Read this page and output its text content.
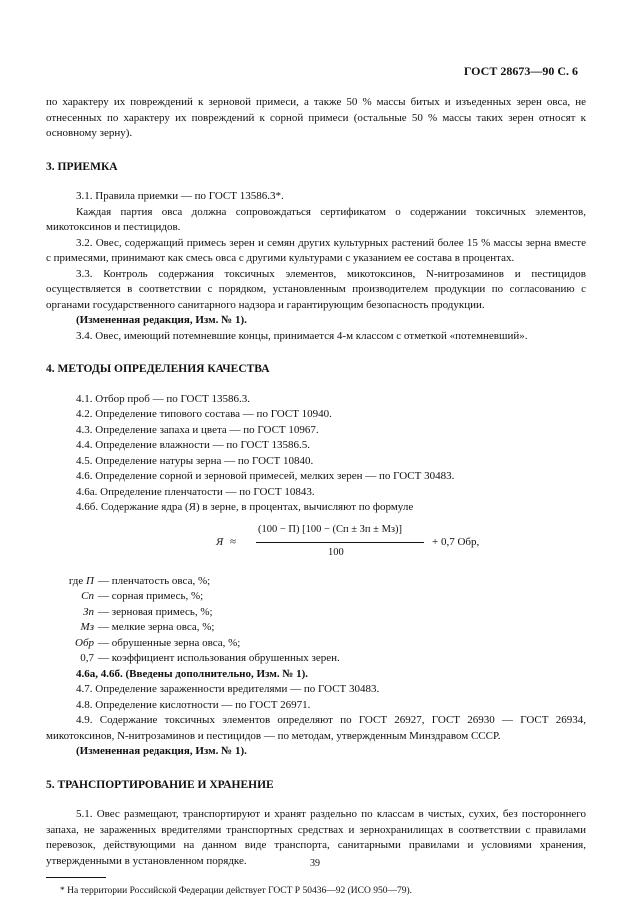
ГОСТ 28673—90 С. 6

по характеру их повреждений к зерновой примеси, а также 50 % массы битых и изъеденных зерен овса, не отнесенных по характеру их повреждений к сорной примеси (остальные 50 % массы таких зерен относят к основному зерну).

3. ПРИЕМКА

3.1. Правила приемки — по ГОСТ 13586.3*.

Каждая партия овса должна сопровождаться сертификатом о содержании токсичных элементов, микотоксинов и пестицидов.

3.2. Овес, содержащий примесь зерен и семян других культурных растений более 15 % массы зерна вместе с примесями, принимают как смесь овса с другими культурами с указанием ее состава в процентах.

3.3. Контроль содержания токсичных элементов, микотоксинов, N-нитрозаминов и пестицидов осуществляется в соответствии с порядком, установленным производителем продукции по согласованию с органами государственного санитарного надзора и гарантирующим безопасность продукции.

(Измененная редакция, Изм. № 1).

3.4. Овес, имеющий потемневшие концы, принимается 4-м классом с отметкой «потемневший».

4. МЕТОДЫ ОПРЕДЕЛЕНИЯ КАЧЕСТВА

4.1. Отбор проб — по ГОСТ 13586.3.

4.2. Определение типового состава — по ГОСТ 10940.

4.3. Определение запаха и цвета — по ГОСТ 10967.

4.4. Определение влажности — по ГОСТ 13586.5.

4.5. Определение натуры зерна — по ГОСТ 10840.

4.6. Определение сорной и зерновой примесей, мелких зерен — по ГОСТ 30483.

4.6а. Определение пленчатости — по ГОСТ 10843.

4.6б. Содержание ядра (Я) в зерне, в процентах, вычисляют по формуле

Я ≈
(100 − П) [100 − (Cп ± Зп ± Mз)]
100
+ 0,7 Обр,
где П — пленчатость овса, %;
Cп — сорная примесь, %;
Зп — зерновая примесь, %;
Mз — мелкие зерна овса, %;
Обр — обрушенные зерна овса, %;
0,7 — коэффициент использования обрушенных зерен.

4.6а, 4.6б. (Введены дополнительно, Изм. № 1).

4.7. Определение зараженности вредителями — по ГОСТ 30483.

4.8. Определение кислотности — по ГОСТ 26971.

4.9. Содержание токсичных элементов определяют по ГОСТ 26927, ГОСТ 26930 — ГОСТ 26934, микотоксинов, N-нитрозаминов и пестицидов — по методам, утвержденным Минздравом СССР.

(Измененная редакция, Изм. № 1).

5. ТРАНСПОРТИРОВАНИЕ И ХРАНЕНИЕ

5.1. Овес размещают, транспортируют и хранят раздельно по классам в чистых, сухих, без постороннего запаха, не зараженных вредителями транспортных средствах и зернохранилищах в соответствии с правилами перевозок, действующими на данном виде транспорта, санитарными правилами и условиями хранения, утвержденными в установленном порядке.

* На территории Российской Федерации действует ГОСТ Р 50436—92 (ИСО 950—79).

39
